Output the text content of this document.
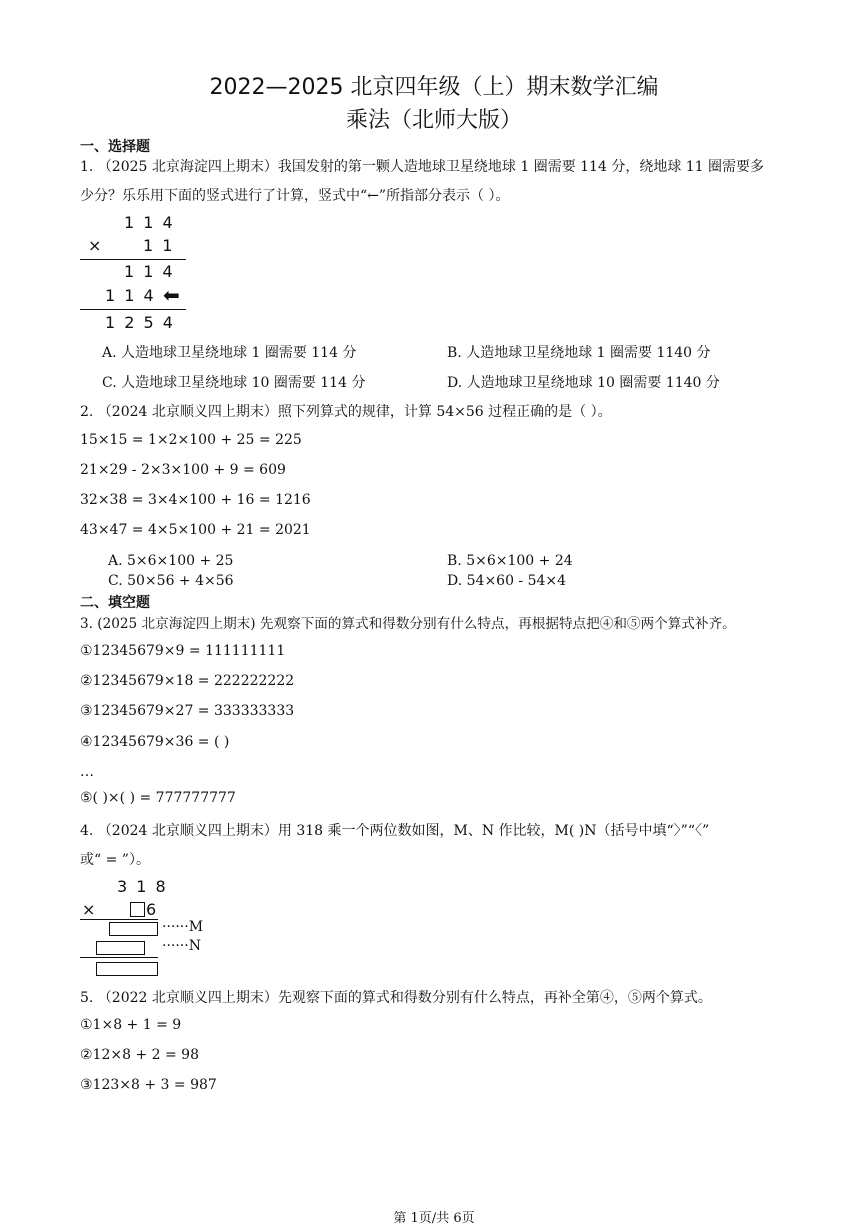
2022—2025 北京四年级（上）期末数学汇编
乘法（北师大版）
一、选择题
1. （2025 北京海淀四上期末）我国发射的第一颗人造地球卫星绕地球 1 圈需要 114 分，绕地球 11 圈需要多
少分？乐乐用下面的竖式进行了计算，竖式中“←”所指部分表示（ ）。
1 1 4
× 1 1
1 1 4
1 1 4 ⬅
1 2 5 4
A. 人造地球卫星绕地球 1 圈需要 114 分	B. 人造地球卫星绕地球 1 圈需要 1140 分
C. 人造地球卫星绕地球 10 圈需要 114 分	D. 人造地球卫星绕地球 10 圈需要 1140 分
2. （2024 北京顺义四上期末）照下列算式的规律，计算 54×56 过程正确的是（ ）。
15×15 = 1×2×100 + 25 = 225
21×29 - 2×3×100 + 9 = 609
32×38 = 3×4×100 + 16 = 1216
43×47 = 4×5×100 + 21 = 2021
A. 5×6×100 + 25	B. 5×6×100 + 24
C. 50×56 + 4×56	D. 54×60 - 54×4
二、填空题
3. (2025 北京海淀四上期末) 先观察下面的算式和得数分别有什么特点，再根据特点把④和⑤两个算式补齐。
①12345679×9 = 111111111
②12345679×18 = 222222222
③12345679×27 = 333333333
④12345679×36 = ( )
…
⑤( )×( ) = 777777777
4. （2024 北京顺义四上期末）用 318 乘一个两位数如图，M、N 作比较，M( )N（括号中填“〉”“〈”
或“ = ”）。
3 1 8
×	6
······M
······N
5. （2022 北京顺义四上期末）先观察下面的算式和得数分别有什么特点，再补全第④，⑤两个算式。
①1×8 + 1 = 9
②12×8 + 2 = 98
③123×8 + 3 = 987
第 1页/共 6页
